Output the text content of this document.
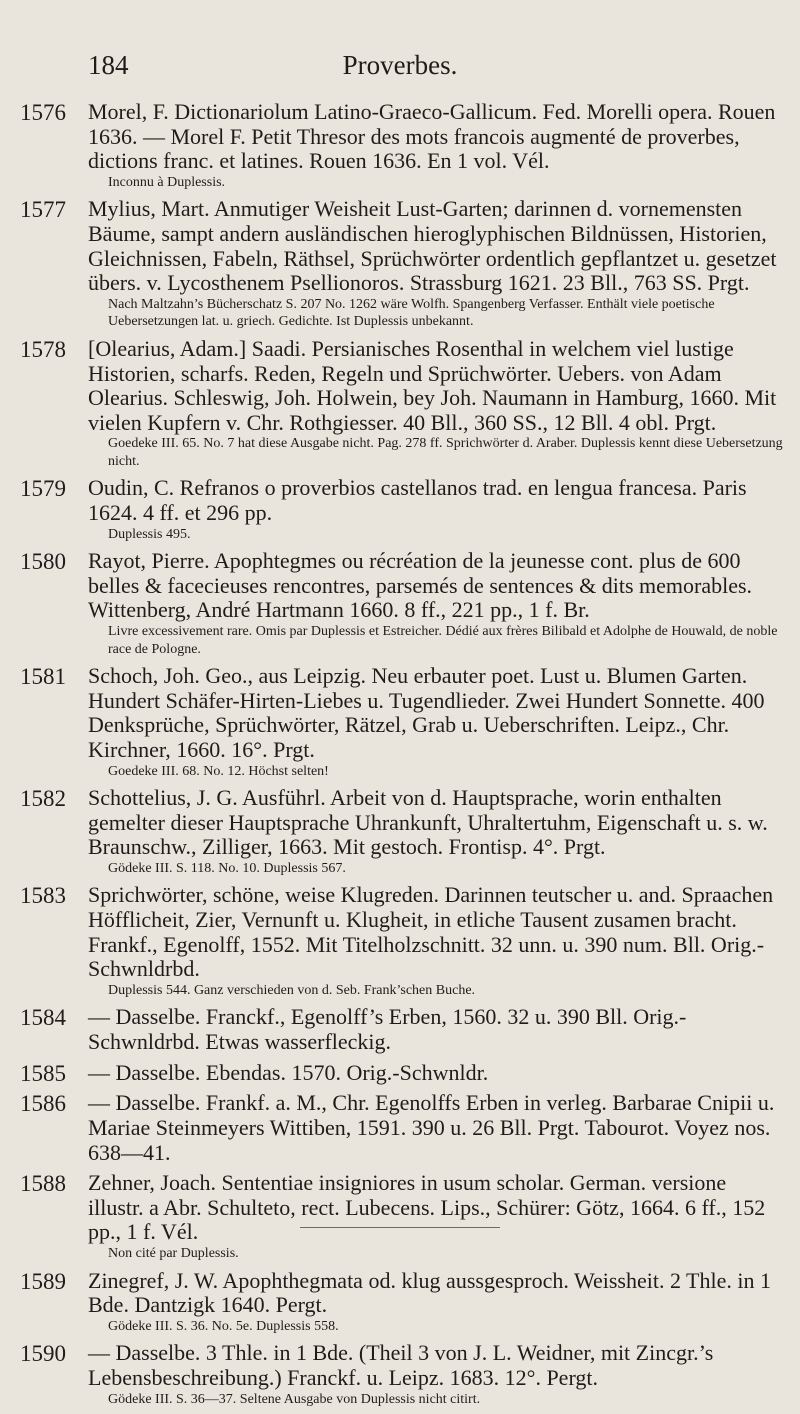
184	Proverbes.
1576 Morel, F. Dictionariolum Latino-Graeco-Gallicum. Fed. Morelli opera. Rouen 1636. — Morel F. Petit Thresor des mots francois augmenté de proverbes, dictions franc. et latines. Rouen 1636. En 1 vol. Vél.
Inconnu à Duplessis.
1577 Mylius, Mart. Anmutiger Weisheit Lust-Garten; darinnen d. vornemensten Bäume, sampt andern ausländischen hieroglyphischen Bildnüssen, Historien, Gleichnissen, Fabeln, Räthsel, Sprüchwörter ordentlich gepflantzet u. gesetzet übers. v. Lycosthenem Psellionoros. Strassburg 1621. 23 Bll., 763 SS. Prgt.
Nach Maltzahn’s Bücherschatz S. 207 No. 1262 wäre Wolfh. Spangenberg Verfasser. Enthält viele poetische Uebersetzungen lat. u. griech. Gedichte. Ist Duplessis unbekannt.
1578 [Olearius, Adam.] Saadi. Persianisches Rosenthal in welchem viel lustige Historien, scharfs. Reden, Regeln und Sprüchwörter. Uebers. von Adam Olearius. Schleswig, Joh. Holwein, bey Joh. Naumann in Hamburg, 1660. Mit vielen Kupfern v. Chr. Rothgiesser. 40 Bll., 360 SS., 12 Bll. 4 obl. Prgt.
Goedeke III. 65. No. 7 hat diese Ausgabe nicht. Pag. 278 ff. Sprichwörter d. Araber. Duplessis kennt diese Uebersetzung nicht.
1579 Oudin, C. Refranos o proverbios castellanos trad. en lengua francesa. Paris 1624. 4 ff. et 296 pp.
Duplessis 495.
1580 Rayot, Pierre. Apophtegmes ou récréation de la jeunesse cont. plus de 600 belles & facecieuses rencontres, parsemés de sentences & dits memorables. Wittenberg, André Hartmann 1660. 8 ff., 221 pp., 1 f. Br.
Livre excessivement rare. Omis par Duplessis et Estreicher. Dédié aux frères Bilibald et Adolphe de Houwald, de noble race de Pologne.
1581 Schoch, Joh. Geo., aus Leipzig. Neu erbauter poet. Lust u. Blumen Garten. Hundert Schäfer-Hirten-Liebes u. Tugendlieder. Zwei Hundert Sonnette. 400 Denksprüche, Sprüchwörter, Rätzel, Grab u. Ueberschriften. Leipz., Chr. Kirchner, 1660. 16°. Prgt.
Goedeke III. 68. No. 12. Höchst selten!
1582 Schottelius, J. G. Ausführl. Arbeit von d. Hauptsprache, worin enthalten gemelter dieser Hauptsprache Uhrankunft, Uhraltertuhm, Eigenschaft u. s. w. Braunschw., Zilliger, 1663. Mit gestoch. Frontisp. 4°. Prgt.
Gödeke III. S. 118. No. 10. Duplessis 567.
1583 Sprichwörter, schöne, weise Klugreden. Darinnen teutscher u. and. Spraachen Höfflicheit, Zier, Vernunft u. Klugheit, in etliche Tausent zusamen bracht. Frankf., Egenolff, 1552. Mit Titelholzschnitt. 32 unn. u. 390 num. Bll. Orig.-Schwnldrbd.
Duplessis 544. Ganz verschieden von d. Seb. Frank’schen Buche.
1584 — Dasselbe. Franckf., Egenolff’s Erben, 1560. 32 u. 390 Bll. Orig.-Schwnldrbd. Etwas wasserfleckig.
1585 — Dasselbe. Ebendas. 1570. Orig.-Schwnldr.
1586 — Dasselbe. Frankf. a. M., Chr. Egenolffs Erben in verleg. Barbarae Cnipii u. Mariae Steinmeyers Wittiben, 1591. 390 u. 26 Bll. Prgt. Tabourot. Voyez nos. 638—41.
1588 Zehner, Joach. Sententiae insigniores in usum scholar. German. versione illustr. a Abr. Schulteto, rect. Lubecens. Lips., Schürer: Götz, 1664. 6 ff., 152 pp., 1 f. Vél.
Non cité par Duplessis.
1589 Zinegref, J. W. Apophthegmata od. klug aussgesproch. Weissheit. 2 Thle. in 1 Bde. Dantzigk 1640. Pergt.
Gödeke III. S. 36. No. 5e. Duplessis 558.
1590 — Dasselbe. 3 Thle. in 1 Bde. (Theil 3 von J. L. Weidner, mit Zincgr.’s Lebensbeschreibung.) Franckf. u. Leipz. 1683. 12°. Pergt.
Gödeke III. S. 36—37. Seltene Ausgabe von Duplessis nicht citirt.
